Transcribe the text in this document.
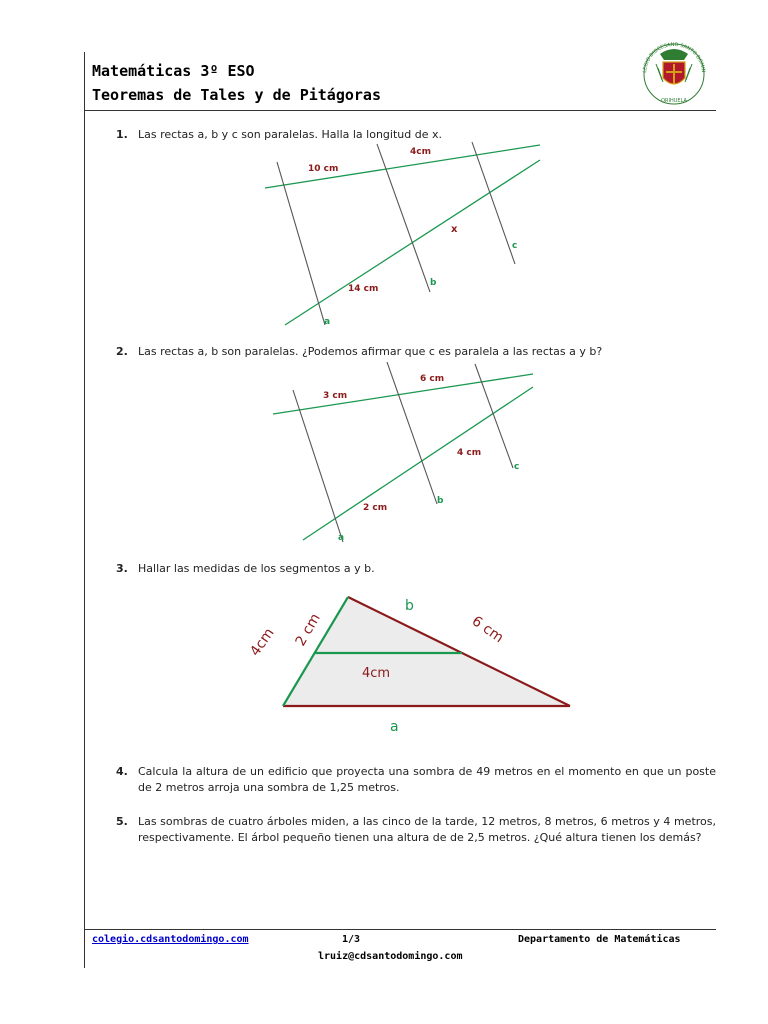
Matemáticas 3º ESO
Teoremas de Tales y de Pitágoras
LEGIO DIOCESANO SANTO DOMIN
ORIHUELA
1. Las rectas a, b y c son paralelas. Halla la longitud de x.
10 cm
4cm
14 cm
x
a
b
c
2. Las rectas a, b son paralelas. ¿Podemos afirmar que c es paralela a las rectas a y b?
3 cm
6 cm
4 cm
2 cm
a
b
c
3. Hallar las medidas de los segmentos a y b.
4cm 2 cm
b
6 cm
4cm
a
4. Calcula la altura de un edificio que proyecta una sombra de 49 metros en el momento en que un poste de 2 metros arroja una sombra de 1,25 metros.
5. Las sombras de cuatro árboles miden, a las cinco de la tarde, 12 metros, 8 metros, 6 metros y 4 metros, respectivamente. El árbol pequeño tienen una altura de de 2,5 metros. ¿Qué altura tienen los demás?
colegio.cdsantodomingo.com	1/3	Departamento de Matemáticas
lruiz@cdsantodomingo.com
